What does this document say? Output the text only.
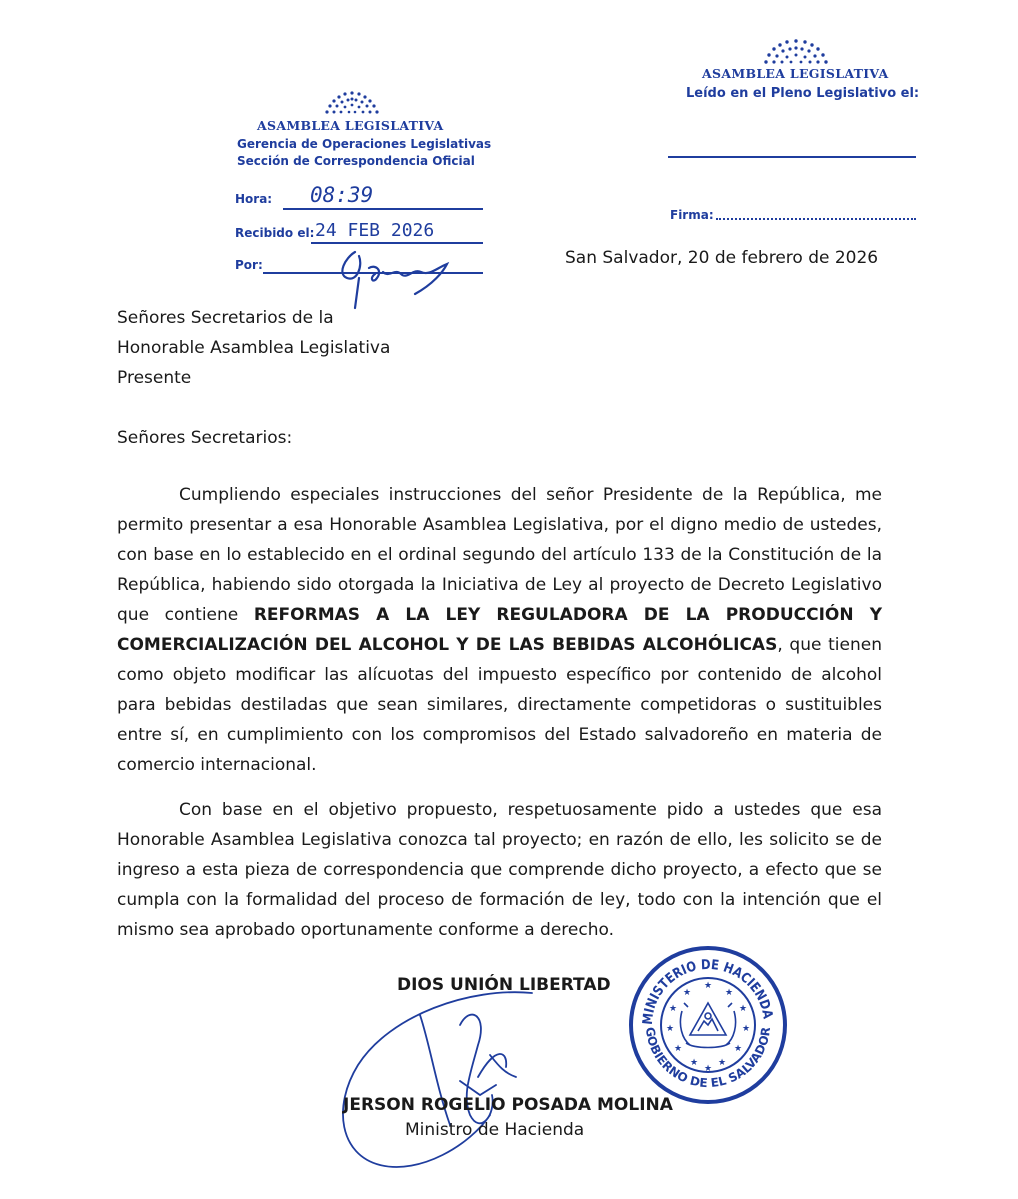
ASAMBLEA LEGISLATIVA
Gerencia de Operaciones Legislativas
Sección de Correspondencia Oficial
Hora: 08:39
Recibido el: 24 FEB 2026
Por:
ASAMBLEA LEGISLATIVA
Leído en el Pleno Legislativo el:
Firma:
San Salvador, 20 de febrero de 2026
Señores Secretarios de la
Honorable Asamblea Legislativa
Presente
Señores Secretarios:
Cumpliendo especiales instrucciones del señor Presidente de la República, me permito presentar a esa Honorable Asamblea Legislativa, por el digno medio de ustedes, con base en lo establecido en el ordinal segundo del artículo 133 de la Constitución de la República, habiendo sido otorgada la Iniciativa de Ley al proyecto de Decreto Legislativo que contiene REFORMAS A LA LEY REGULADORA DE LA PRODUCCIÓN Y COMERCIALIZACIÓN DEL ALCOHOL Y DE LAS BEBIDAS ALCOHÓLICAS, que tienen como objeto modificar las alícuotas del impuesto específico por contenido de alcohol para bebidas destiladas que sean similares, directamente competidoras o sustituibles entre sí, en cumplimiento con los compromisos del Estado salvadoreño en materia de comercio internacional.
Con base en el objetivo propuesto, respetuosamente pido a ustedes que esa Honorable Asamblea Legislativa conozca tal proyecto; en razón de ello, les solicito se de ingreso a esta pieza de correspondencia que comprende dicho proyecto, a efecto que se cumpla con la formalidad del proceso de formación de ley, todo con la intención que el mismo sea aprobado oportunamente conforme a derecho.
DIOS UNIÓN LIBERTAD
JERSON ROGELIO POSADA MOLINA
Ministro de Hacienda
MINISTERIO DE HACIENDA
GOBIERNO DE EL SALVADOR
★
★
★
★
★
★
★
★
★
★
★
★
